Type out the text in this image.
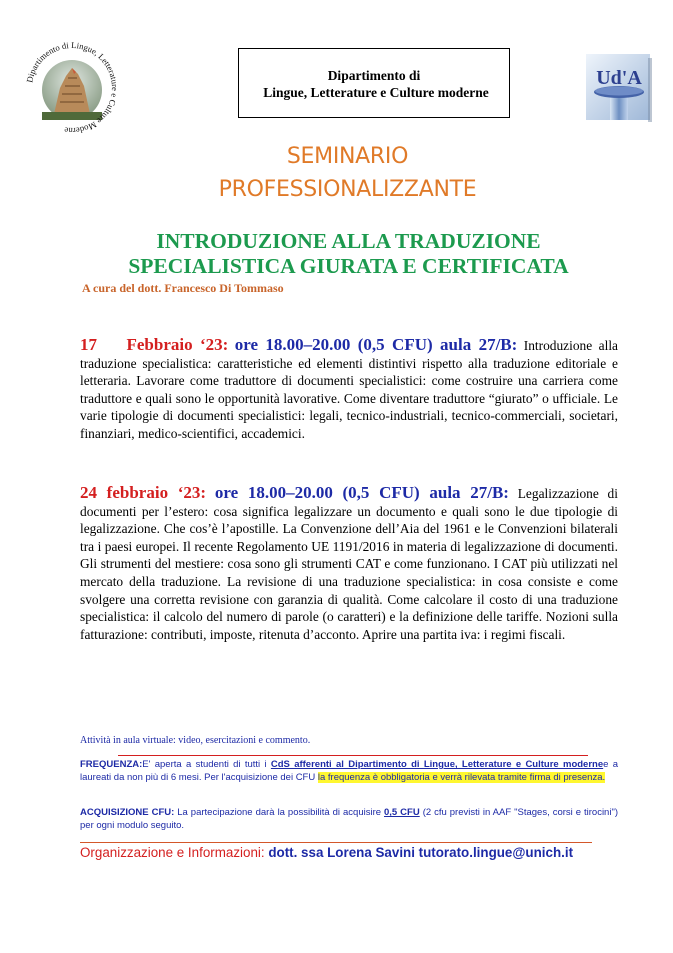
Dipartimento di Lingue, Letterature e Culture Moderne
Dipartimento di
Lingue, Letterature e Culture moderne
Ud'A
SEMINARIO
PROFESSIONALIZZANTE
INTRODUZIONE ALLA TRADUZIONE
SPECIALISTICA GIURATA E CERTIFICATA
A cura del dott. Francesco Di Tommaso
17    Febbraio ‘23: ore 18.00–20.00 (0,5 CFU) aula 27/B: Introduzione alla traduzione specialistica: caratteristiche ed elementi distintivi rispetto alla traduzione editoriale e letteraria. Lavorare come traduttore di documenti specialistici: come costruire una carriera come traduttore e quali sono le opportunità lavorative. Come diventare traduttore “giurato” o ufficiale. Le varie tipologie di documenti specialistici: legali, tecnico-industriali, tecnico-commerciali, societari, finanziari, medico-scientifici, accademici.
24 febbraio ‘23: ore 18.00–20.00 (0,5 CFU) aula 27/B: Legalizzazione di documenti per l’estero: cosa significa legalizzare un documento e quali sono le due tipologie di legalizzazione. Che cos’è l’apostille. La Convenzione dell’Aia del 1961 e le Convenzioni bilaterali tra i paesi europei. Il recente Regolamento UE 1191/2016 in materia di legalizzazione di documenti. Gli strumenti del mestiere: cosa sono gli strumenti CAT e come funzionano. I CAT più utilizzati nel mercato della traduzione. La revisione di una traduzione specialistica: in cosa consiste e come svolgere una corretta revisione con garanzia di qualità. Come calcolare il costo di una traduzione specialistica: il calcolo del numero di parole (o caratteri) e la definizione delle tariffe. Nozioni sulla fatturazione: contributi, imposte, ritenuta d’acconto. Aprire una partita iva: i regimi fiscali.
Attività in aula virtuale: video, esercitazioni e commento.
FREQUENZA:E' aperta a studenti di tutti i CdS afferenti al Dipartimento di Lingue, Letterature e Culture modernee a laureati da non più di 6 mesi. Per l'acquisizione dei CFU la frequenza è obbligatoria e verrà rilevata tramite firma di presenza.
ACQUISIZIONE CFU: La partecipazione darà la possibilità di acquisire 0,5 CFU (2 cfu previsti in AAF "Stages, corsi e tirocini") per ogni modulo seguito.
Organizzazione e Informazioni: dott. ssa Lorena Savini tutorato.lingue@unich.it
